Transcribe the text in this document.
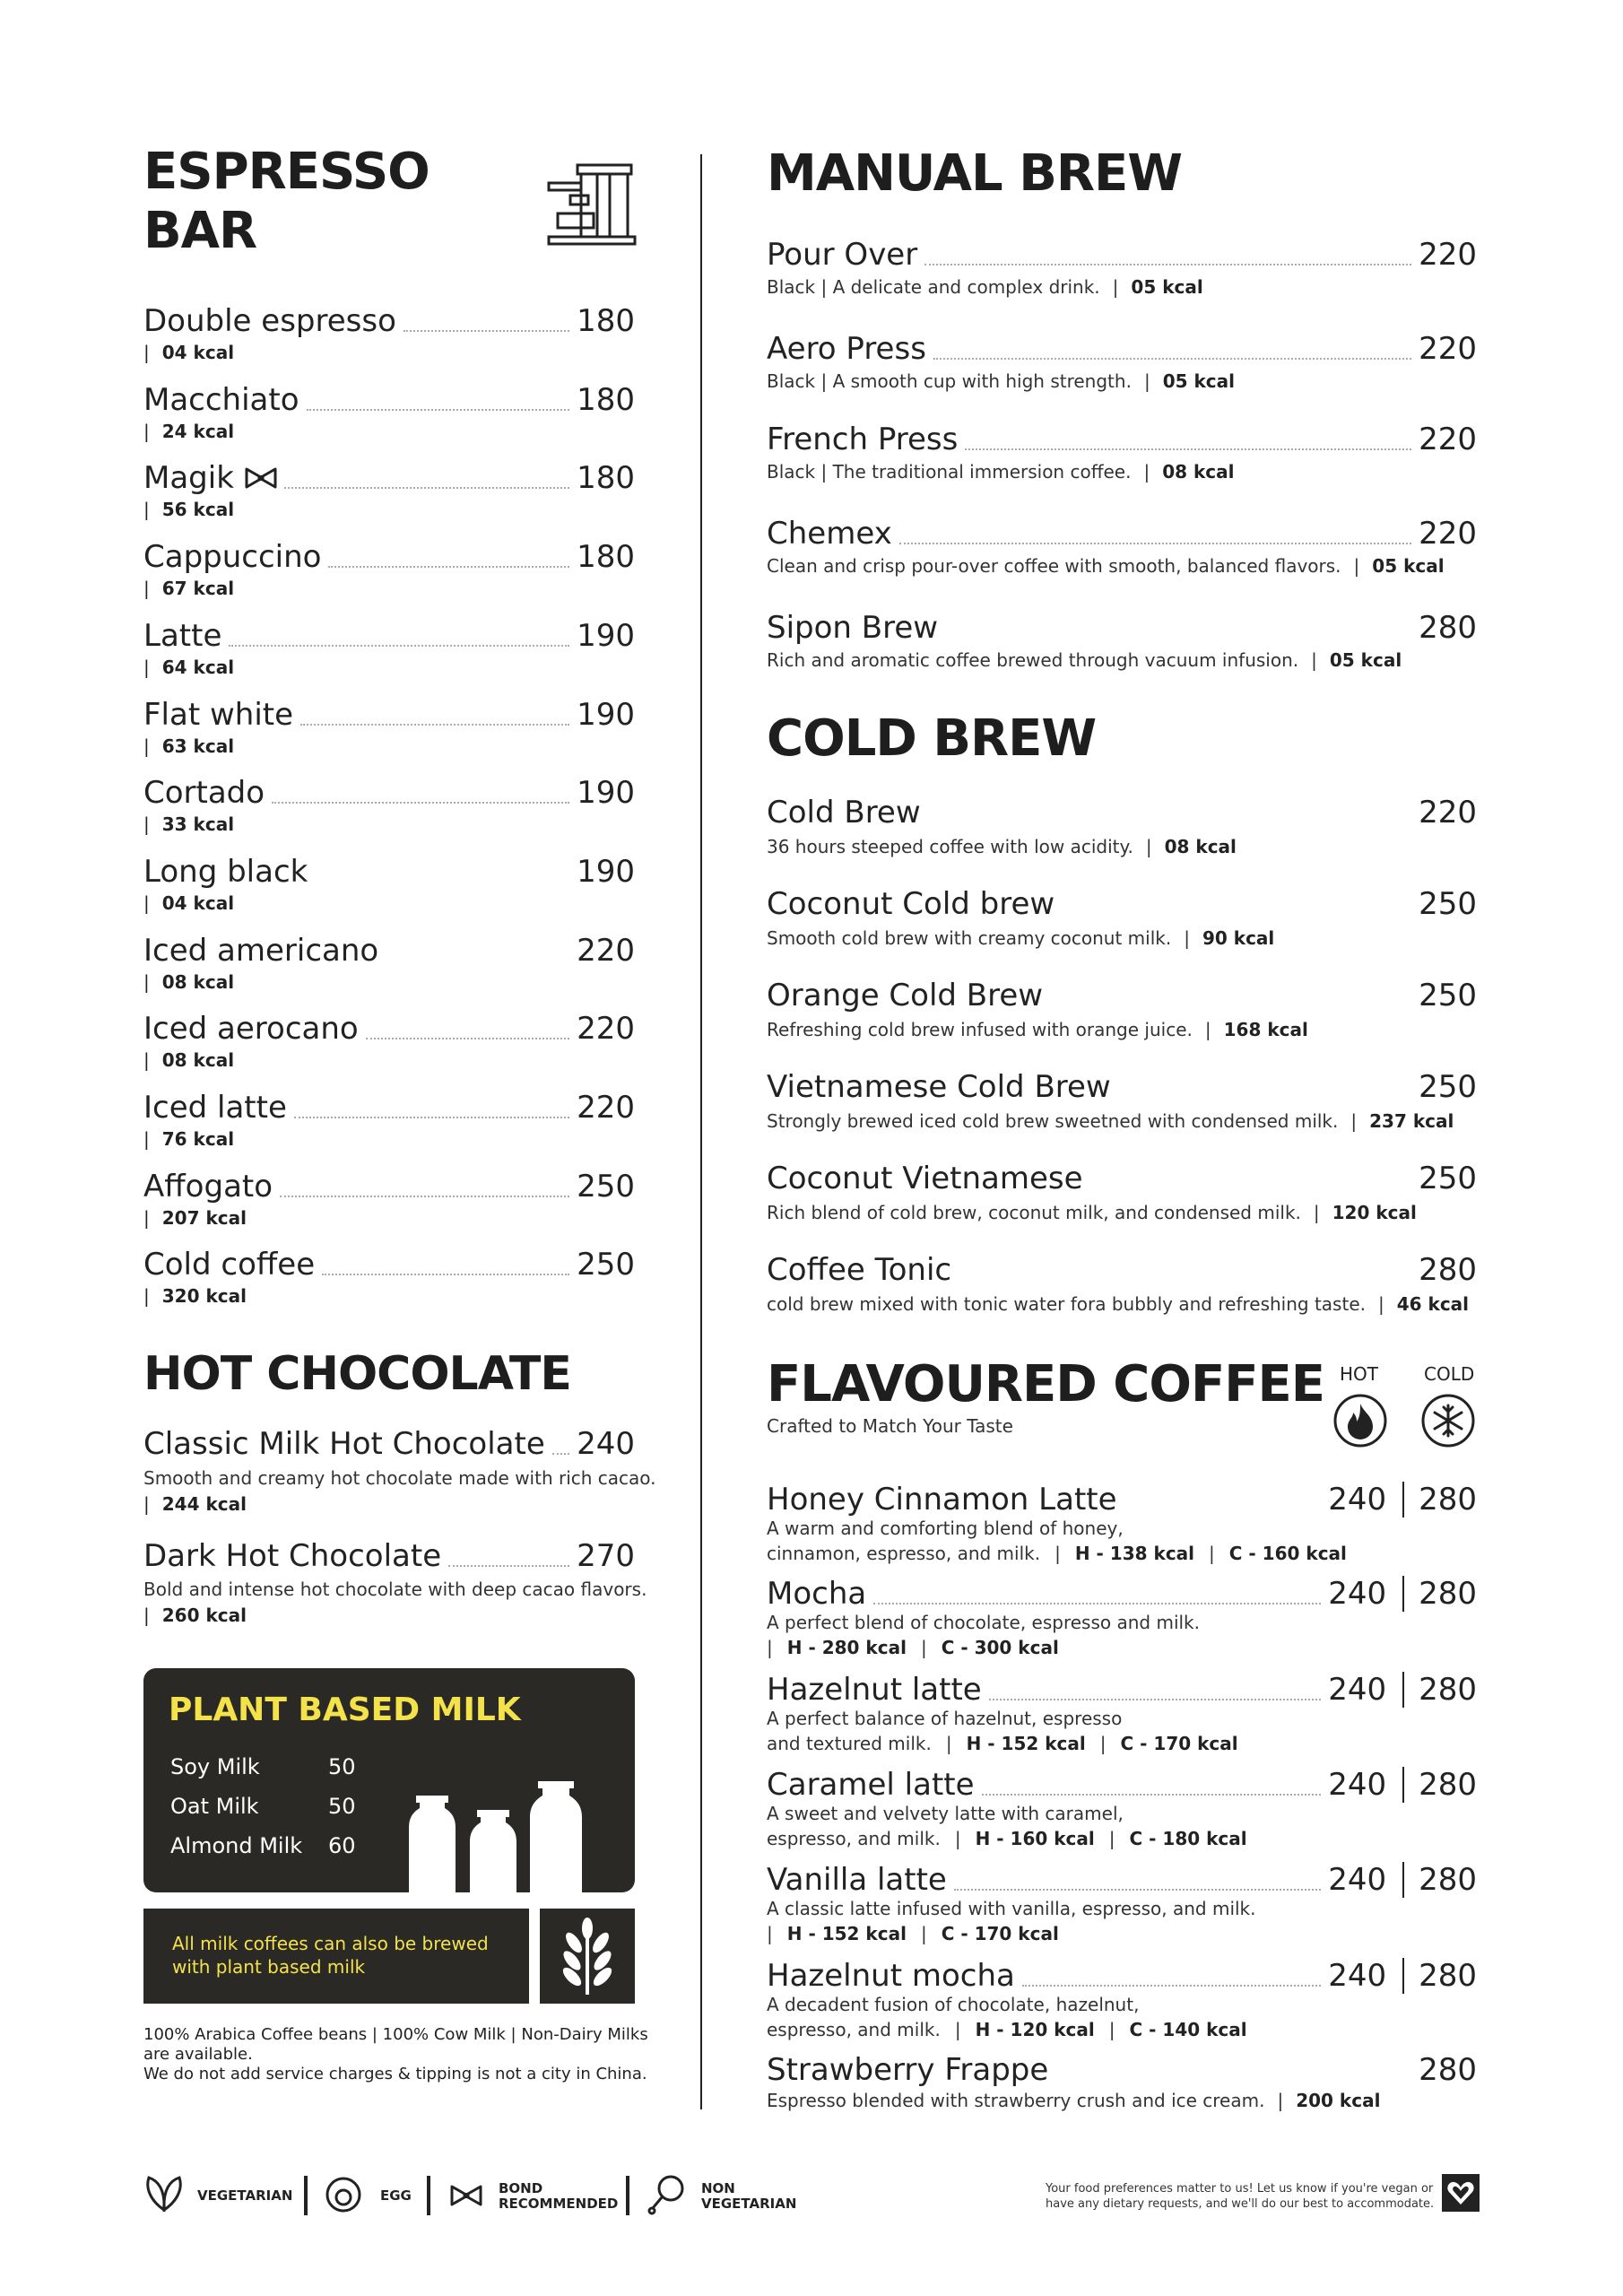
ESPRESSO
BAR
Double espresso	180
| 04 kcal
Macchiato	180
| 24 kcal
Magik	180
| 56 kcal
Cappuccino	180
| 67 kcal
Latte	190
| 64 kcal
Flat white	190
| 63 kcal
Cortado	190
| 33 kcal
Long black	190
| 04 kcal
Iced americano	220
| 08 kcal
Iced aerocano	220
| 08 kcal
Iced latte	220
| 76 kcal
Affogato	250
| 207 kcal
Cold coffee	250
| 320 kcal
HOT CHOCOLATE
Classic Milk Hot Chocolate 240
Smooth and creamy hot chocolate made with rich cacao.
| 244 kcal
Dark Hot Chocolate	270
Bold and intense hot chocolate with deep cacao flavors.
| 260 kcal
PLANT BASED MILK
Soy Milk	50
Oat Milk	50
Almond Milk 60
All milk coffees can also be brewed with plant based milk
100% Arabica Coffee beans | 100% Cow Milk | Non-Dairy Milks
are available.
We do not add service charges & tipping is not a city in China.
MANUAL BREW
Pour Over	220
Black | A delicate and complex drink. | 05 kcal
Aero Press	220
Black | A smooth cup with high strength. | 05 kcal
French Press	220
Black | The traditional immersion coffee. | 08 kcal
Chemex	220
Clean and crisp pour-over coffee with smooth, balanced flavors. | 05 kcal
Sipon Brew	280
Rich and aromatic coffee brewed through vacuum infusion. | 05 kcal
COLD BREW
Cold Brew	220
36 hours steeped coffee with low acidity. | 08 kcal
Coconut Cold brew	250
Smooth cold brew with creamy coconut milk. | 90 kcal
Orange Cold Brew	250
Refreshing cold brew infused with orange juice. | 168 kcal
Vietnamese Cold Brew	250
Strongly brewed iced cold brew sweetned with condensed milk. | 237 kcal
Coconut Vietnamese	250
Rich blend of cold brew, coconut milk, and condensed milk. | 120 kcal
Coffee Tonic	280
cold brew mixed with tonic water fora bubbly and refreshing taste. | 46 kcal
FLAVOURED COFFEE
Crafted to Match Your Taste
HOT	COLD
Honey Cinnamon Latte	240 280
A warm and comforting blend of honey,
cinnamon, espresso, and milk. | H - 138 kcal | C - 160 kcal
Mocha	240 280
A perfect blend of chocolate, espresso and milk.
| H - 280 kcal | C - 300 kcal
Hazelnut latte	240 280
A perfect balance of hazelnut, espresso
and textured milk. | H - 152 kcal | C - 170 kcal
Caramel latte	240 280
A sweet and velvety latte with caramel,
espresso, and milk. | H - 160 kcal | C - 180 kcal
Vanilla latte	240 280
A classic latte infused with vanilla, espresso, and milk.
| H - 152 kcal | C - 170 kcal
Hazelnut mocha	240 280
A decadent fusion of chocolate, hazelnut,
espresso, and milk. | H - 120 kcal | C - 140 kcal
Strawberry Frappe	280
Espresso blended with strawberry crush and ice cream. | 200 kcal
VEGETARIAN	EGG	BOND
RECOMMENDED
NON
VEGETARIAN
Your food preferences matter to us! Let us know if you're vegan or
have any dietary requests, and we'll do our best to accommodate.
